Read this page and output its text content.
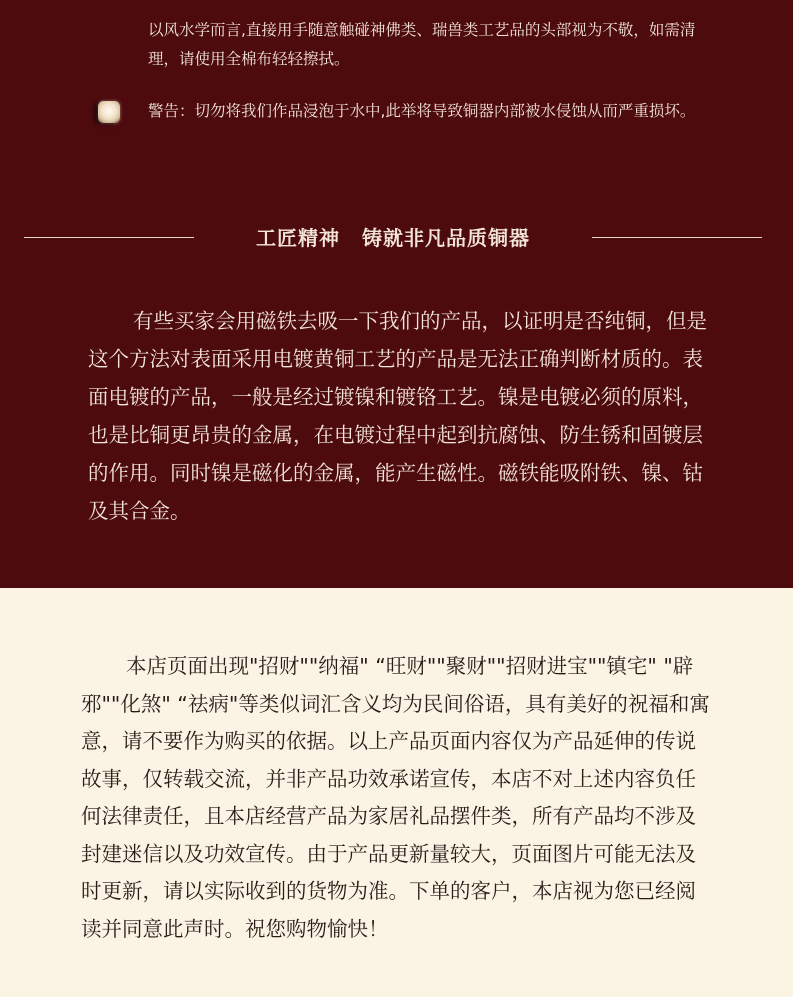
以风水学而言,直接用手随意触碰神佛类、瑞兽类工艺品的头部视为不敬，如需清理，请使用全棉布轻轻擦拭。
警告：切勿将我们作品浸泡于水中,此举将导致铜器内部被水侵蚀从而严重损坏。
工匠精神 铸就非凡品质铜器
有些买家会用磁铁去吸一下我们的产品，以证明是否纯铜，但是这个方法对表面采用电镀黄铜工艺的产品是无法正确判断材质的。表面电镀的产品，一般是经过镀镍和镀铬工艺。镍是电镀必须的原料，也是比铜更昂贵的金属，在电镀过程中起到抗腐蚀、防生锈和固镀层的作用。同时镍是磁化的金属，能产生磁性。磁铁能吸附铁、镍、钴及其合金。
本店页面出现"招财""纳福" “旺财""聚财""招财进宝""镇宅" "辟邪""化煞" “祛病"等类似词汇含义均为民间俗语，具有美好的祝福和寓意，请不要作为购买的依据。以上产品页面内容仅为产品延伸的传说故事，仅转载交流，并非产品功效承诺宣传，本店不对上述内容负任何法律责任，且本店经营产品为家居礼品摆件类，所有产品均不涉及封建迷信以及功效宣传。由于产品更新量较大，页面图片可能无法及时更新，请以实际收到的货物为准。下单的客户，本店视为您已经阅读并同意此声时。祝您购物愉快！
